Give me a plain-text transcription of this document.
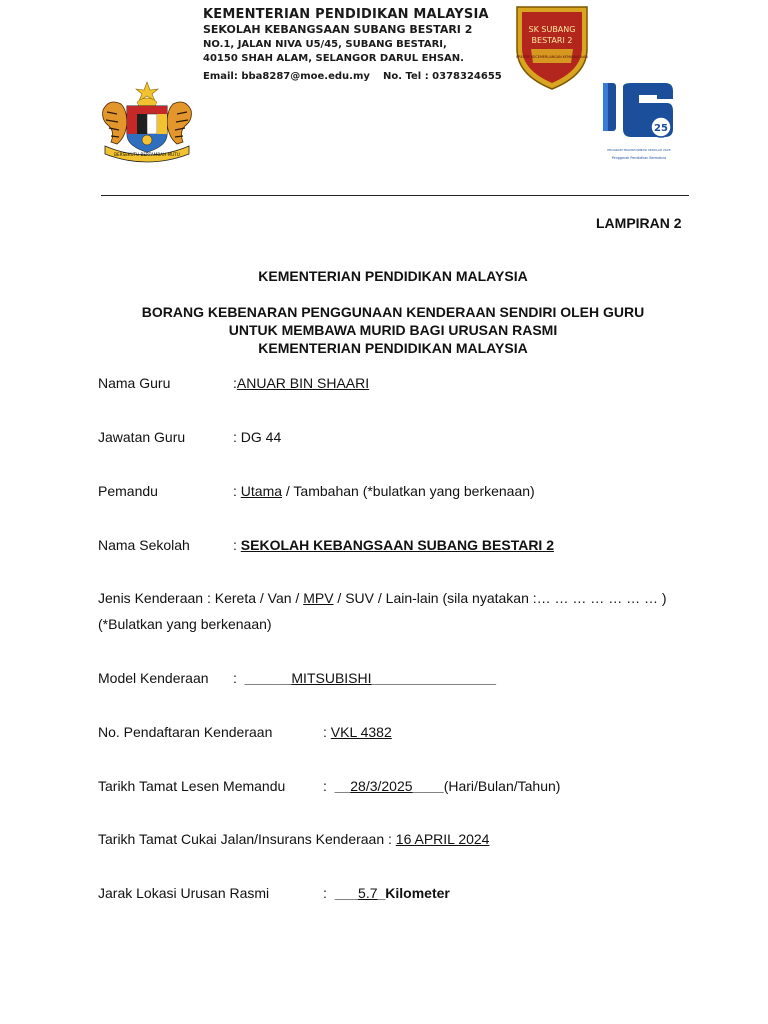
KEMENTERIAN PENDIDIKAN MALAYSIA
SEKOLAH KEBANGSAAN SUBANG BESTARI 2
NO.1, JALAN NIVA U5/45, SUBANG BESTARI,
40150 SHAH ALAM, SELANGOR DARUL EHSAN.
Email: bba8287@moe.edu.my No. Tel : 0378324655
BERSEKUTU BERTAMBAH MUTU
SK SUBANG
BESTARI 2
KREATIF KECEMERLANGAN KEMANUSIAAN
25
PROGRAM TRANSFORMASI SEKOLAH 2025
Penggerak Pendidikan Bermakna
LAMPIRAN 2
KEMENTERIAN PENDIDIKAN MALAYSIA
BORANG KEBENARAN PENGGUNAAN KENDERAAN SENDIRI OLEH GURU
UNTUK MEMBAWA MURID BAGI URUSAN RASMI
KEMENTERIAN PENDIDIKAN MALAYSIA
Nama Guru	:ANUAR BIN SHAARI
Jawatan Guru	: DG 44
Pemandu	: Utama / Tambahan (*bulatkan yang berkenaan)
Nama Sekolah	: SEKOLAH KEBANGSAAN SUBANG BESTARI 2
Jenis Kenderaan : Kereta / Van / MPV / SUV / Lain-lain (sila nyatakan :… … … … … … … )
(*Bulatkan yang berkenaan)
Model Kenderaan : ______MITSUBISHI________________
No. Pendaftaran Kenderaan	: VKL 4382
Tarikh Tamat Lesen Memandu	: __28/3/2025____(Hari/Bulan/Tahun)
Tarikh Tamat Cukai Jalan/Insurans Kenderaan : 16 APRIL 2024
Jarak Lokasi Urusan Rasmi	: ___5.7_Kilometer
